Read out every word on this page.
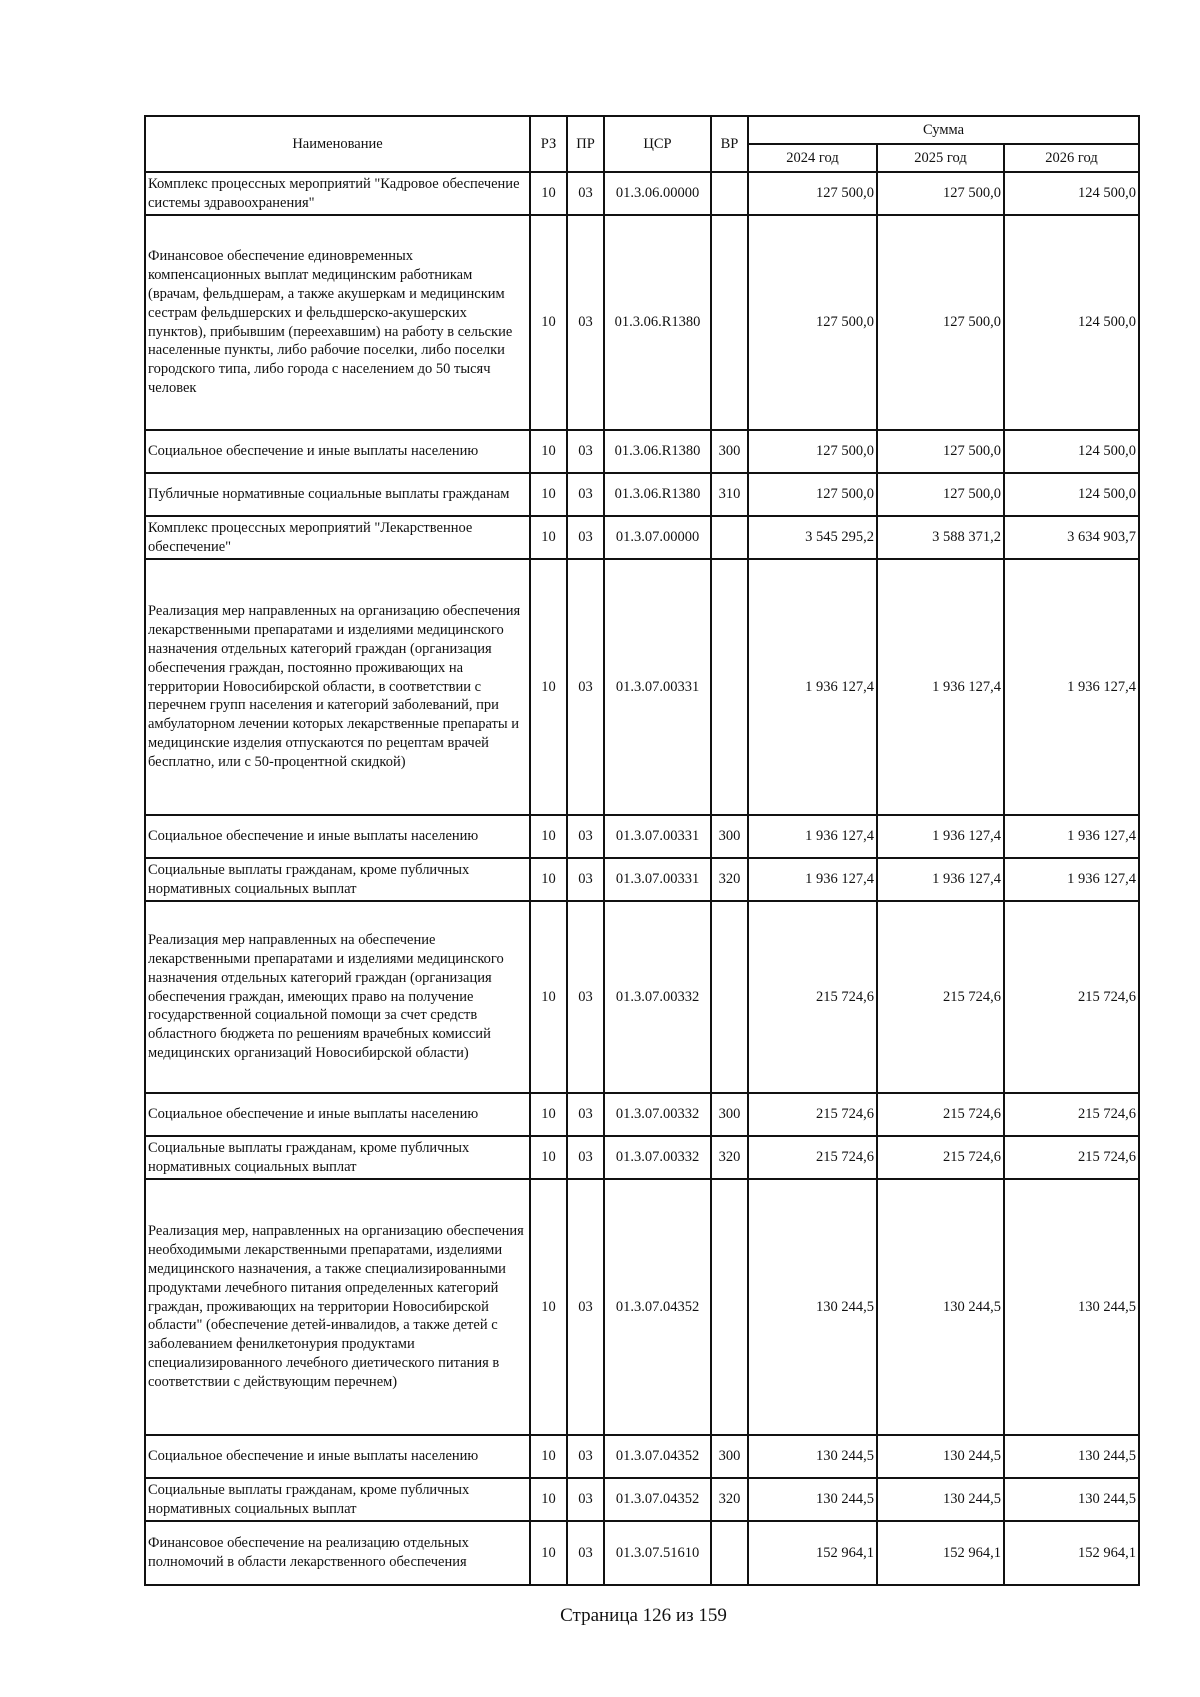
Наименование	РЗ	ПР	ЦСР	ВР	Сумма		
					2024 год	2025 год	2026 год
Комплекс процессных мероприятий "Кадровое обеспечение системы здравоохранения"	10	03	01.3.06.00000		127 500,0	127 500,0	124 500,0
Финансовое обеспечение единовременных компенсационных выплат медицинским работникам (врачам, фельдшерам, а также акушеркам и медицинским сестрам фельдшерских и фельдшерско-акушерских пунктов), прибывшим (переехавшим) на работу в сельские населенные пункты, либо рабочие поселки, либо поселки городского типа, либо города с населением до 50 тысяч человек	10	03	01.3.06.R1380		127 500,0	127 500,0	124 500,0
Социальное обеспечение и иные выплаты населению	10	03	01.3.06.R1380	300	127 500,0	127 500,0	124 500,0
Публичные нормативные социальные выплаты гражданам	10	03	01.3.06.R1380	310	127 500,0	127 500,0	124 500,0
Комплекс процессных мероприятий "Лекарственное обеспечение"	10	03	01.3.07.00000		3 545 295,2	3 588 371,2	3 634 903,7
Реализация мер направленных на организацию обеспечения лекарственными препаратами и изделиями медицинского назначения отдельных категорий граждан (организация обеспечения граждан, постоянно проживающих на территории Новосибирской области, в соответствии с перечнем групп населения и категорий заболеваний, при амбулаторном лечении которых лекарственные препараты и медицинские изделия отпускаются по рецептам врачей бесплатно, или с 50-процентной скидкой)	10	03	01.3.07.00331		1 936 127,4	1 936 127,4	1 936 127,4
Социальное обеспечение и иные выплаты населению	10	03	01.3.07.00331	300	1 936 127,4	1 936 127,4	1 936 127,4
Социальные выплаты гражданам, кроме публичных нормативных социальных выплат	10	03	01.3.07.00331	320	1 936 127,4	1 936 127,4	1 936 127,4
Реализация мер направленных на обеспечение лекарственными препаратами и изделиями медицинского назначения отдельных категорий граждан (организация обеспечения граждан, имеющих право на получение государственной социальной помощи за счет средств областного бюджета по решениям врачебных комиссий медицинских организаций Новосибирской области)	10	03	01.3.07.00332		215 724,6	215 724,6	215 724,6
Социальное обеспечение и иные выплаты населению	10	03	01.3.07.00332	300	215 724,6	215 724,6	215 724,6
Социальные выплаты гражданам, кроме публичных нормативных социальных выплат	10	03	01.3.07.00332	320	215 724,6	215 724,6	215 724,6
Реализация мер, направленных на организацию обеспечения необходимыми лекарственными препаратами, изделиями медицинского назначения, а также специализированными продуктами лечебного питания определенных категорий граждан, проживающих на территории Новосибирской области" (обеспечение детей-инвалидов, а также детей с заболеванием фенилкетонурия продуктами специализированного лечебного диетического питания в соответствии с действующим перечнем)	10	03	01.3.07.04352		130 244,5	130 244,5	130 244,5
Социальное обеспечение и иные выплаты населению	10	03	01.3.07.04352	300	130 244,5	130 244,5	130 244,5
Социальные выплаты гражданам, кроме публичных нормативных социальных выплат	10	03	01.3.07.04352	320	130 244,5	130 244,5	130 244,5
Финансовое обеспечение на реализацию отдельных полномочий в области лекарственного обеспечения	10	03	01.3.07.51610		152 964,1	152 964,1	152 964,1
Страница 126 из 159
